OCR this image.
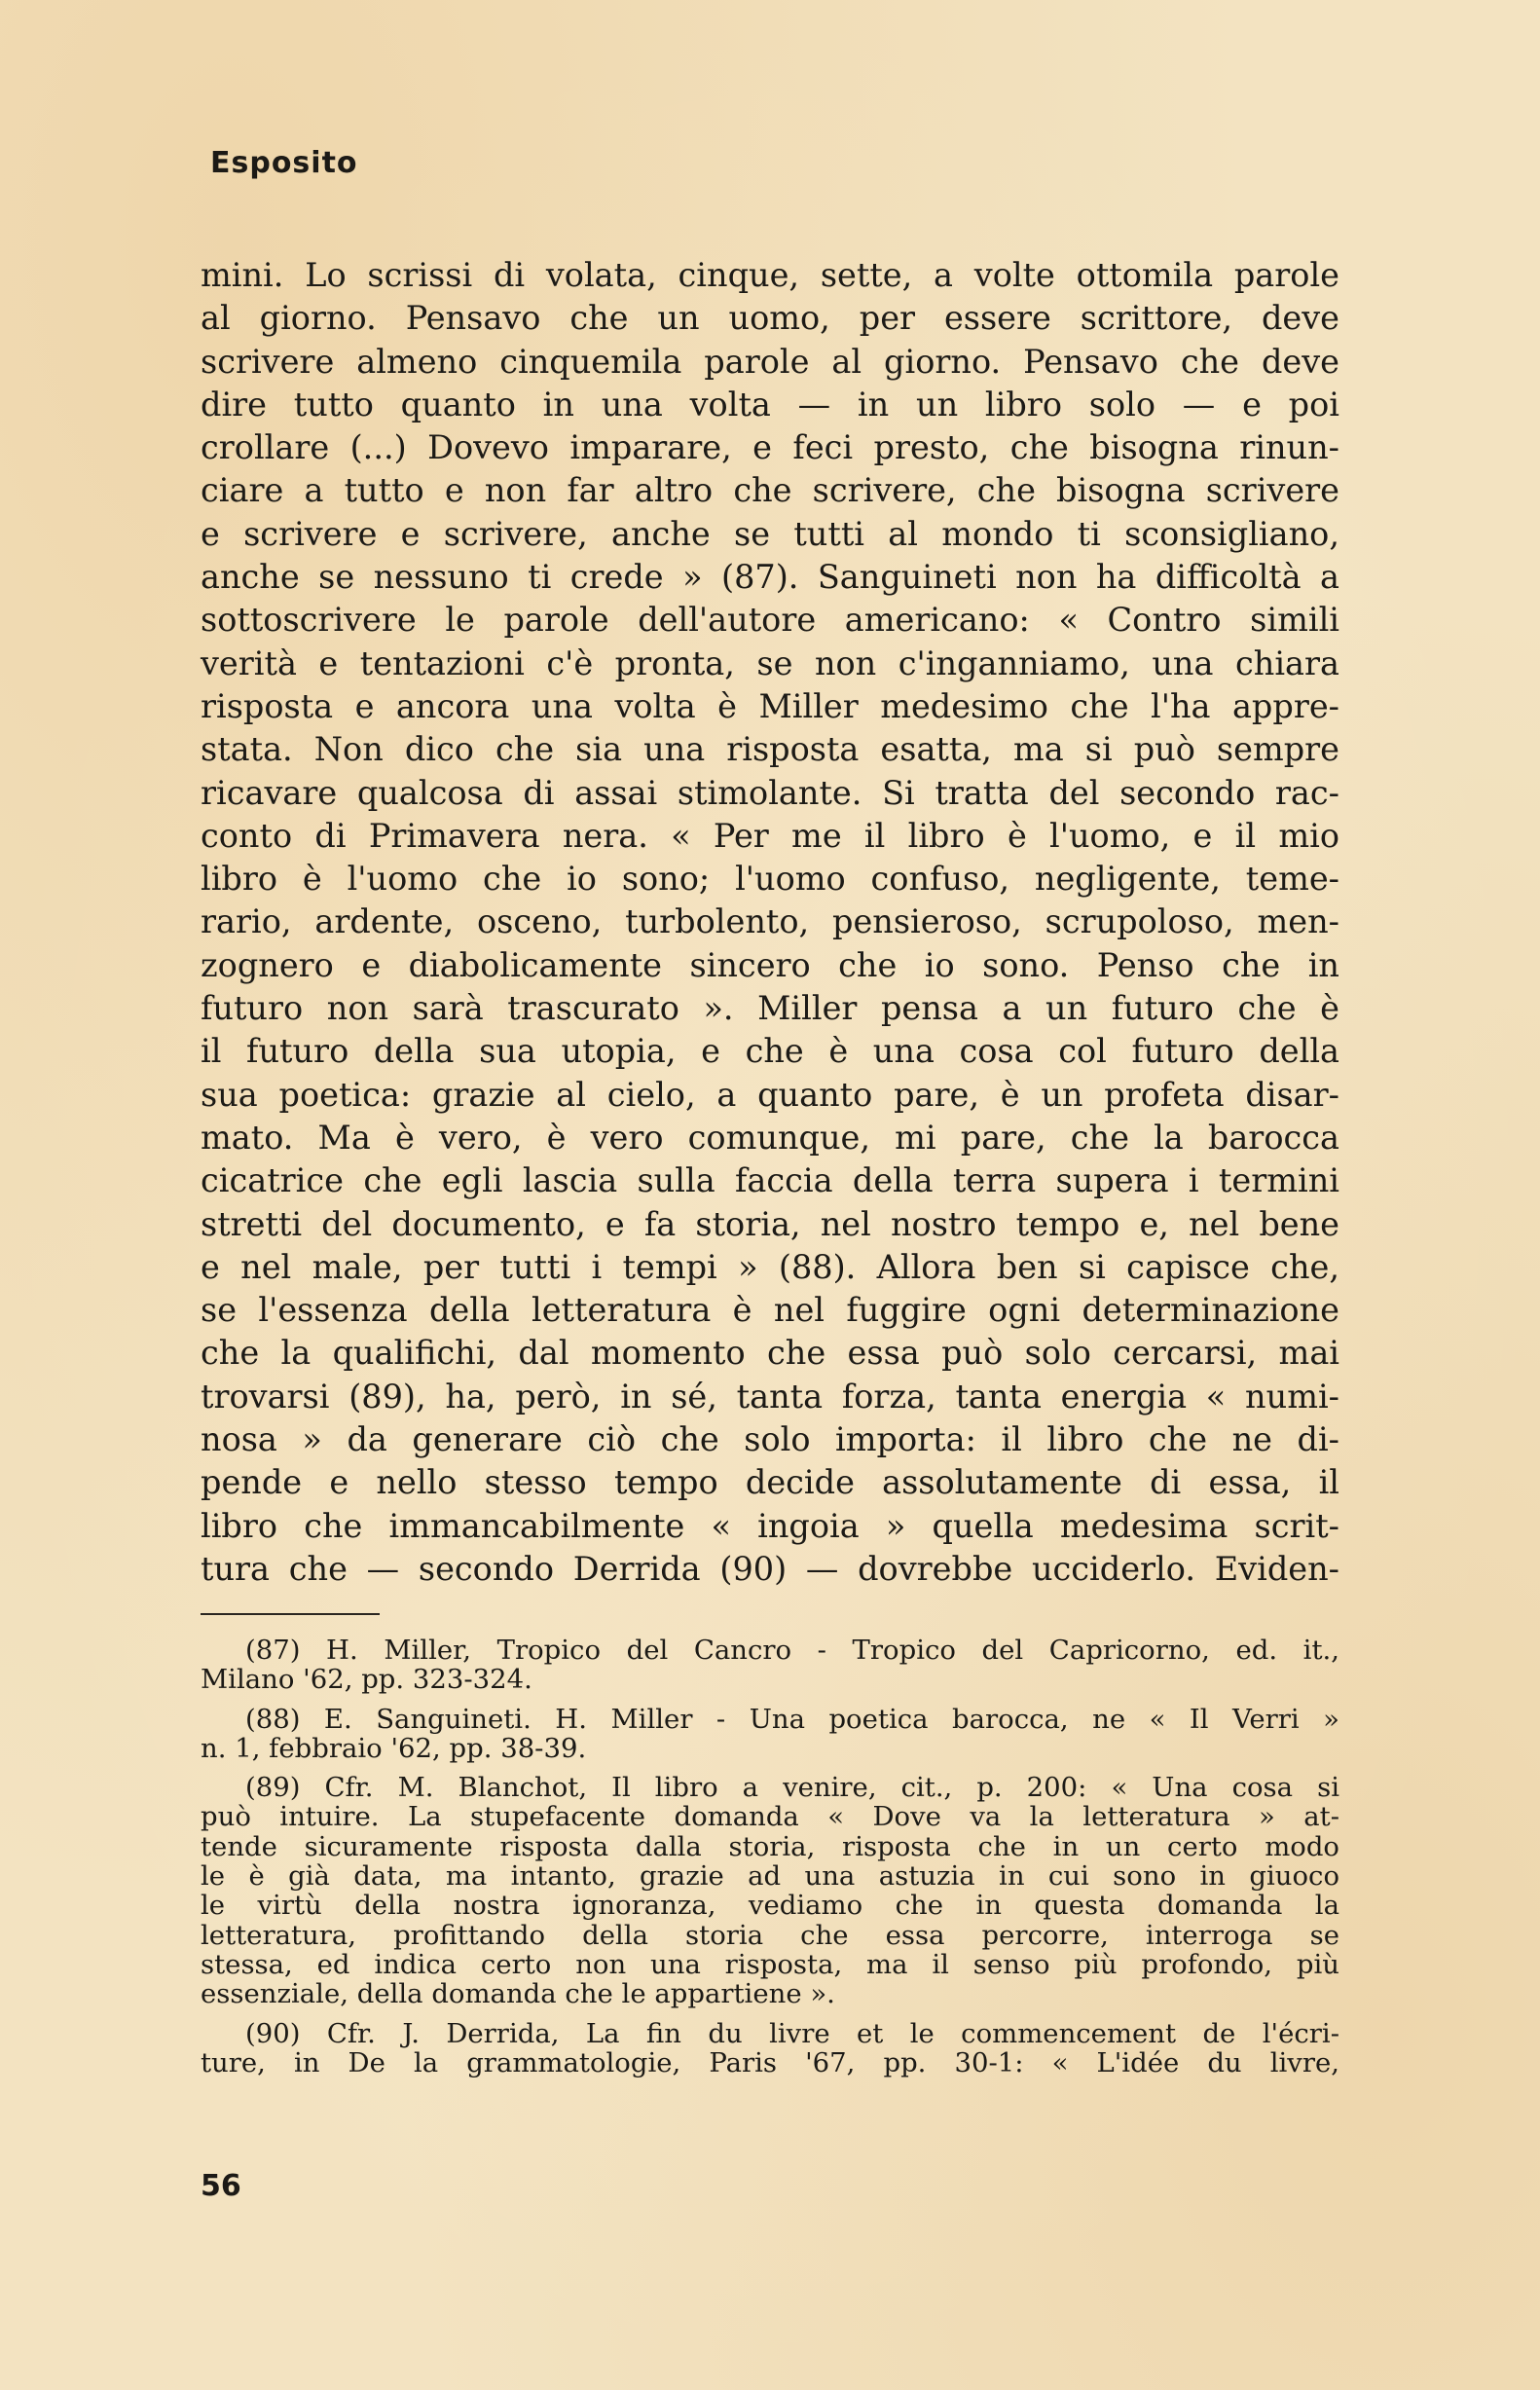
Esposito
mini. Lo scrissi di volata, cinque, sette, a volte ottomila parole
al giorno. Pensavo che un uomo, per essere scrittore, deve
scrivere almeno cinquemila parole al giorno. Pensavo che deve
dire tutto quanto in una volta — in un libro solo — e poi
crollare (...) Dovevo imparare, e feci presto, che bisogna rinun-
ciare a tutto e non far altro che scrivere, che bisogna scrivere
e scrivere e scrivere, anche se tutti al mondo ti sconsigliano,
anche se nessuno ti crede » (87). Sanguineti non ha difficoltà a
sottoscrivere le parole dell'autore americano: « Contro simili
verità e tentazioni c'è pronta, se non c'inganniamo, una chiara
risposta e ancora una volta è Miller medesimo che l'ha appre-
stata. Non dico che sia una risposta esatta, ma si può sempre
ricavare qualcosa di assai stimolante. Si tratta del secondo rac-
conto di Primavera nera. « Per me il libro è l'uomo, e il mio
libro è l'uomo che io sono; l'uomo confuso, negligente, teme-
rario, ardente, osceno, turbolento, pensieroso, scrupoloso, men-
zognero e diabolicamente sincero che io sono. Penso che in
futuro non sarà trascurato ». Miller pensa a un futuro che è
il futuro della sua utopia, e che è una cosa col futuro della
sua poetica: grazie al cielo, a quanto pare, è un profeta disar-
mato. Ma è vero, è vero comunque, mi pare, che la barocca
cicatrice che egli lascia sulla faccia della terra supera i termini
stretti del documento, e fa storia, nel nostro tempo e, nel bene
e nel male, per tutti i tempi » (88). Allora ben si capisce che,
se l'essenza della letteratura è nel fuggire ogni determinazione
che la qualifichi, dal momento che essa può solo cercarsi, mai
trovarsi (89), ha, però, in sé, tanta forza, tanta energia « numi-
nosa » da generare ciò che solo importa: il libro che ne di-
pende e nello stesso tempo decide assolutamente di essa, il
libro che immancabilmente « ingoia » quella medesima scrit-
tura che — secondo Derrida (90) — dovrebbe ucciderlo. Eviden-
(87) H. Miller, Tropico del Cancro - Tropico del Capricorno, ed. it.,
Milano '62, pp. 323-324.
(88) E. Sanguineti. H. Miller - Una poetica barocca, ne « Il Verri »
n. 1, febbraio '62, pp. 38-39.
(89) Cfr. M. Blanchot, Il libro a venire, cit., p. 200: « Una cosa si
può intuire. La stupefacente domanda « Dove va la letteratura » at-
tende sicuramente risposta dalla storia, risposta che in un certo modo
le è già data, ma intanto, grazie ad una astuzia in cui sono in giuoco
le virtù della nostra ignoranza, vediamo che in questa domanda la
letteratura, profittando della storia che essa percorre, interroga se
stessa, ed indica certo non una risposta, ma il senso più profondo, più
essenziale, della domanda che le appartiene ».
(90) Cfr. J. Derrida, La fin du livre et le commencement de l'écri-
ture, in De la grammatologie, Paris '67, pp. 30-1: « L'idée du livre,
56
